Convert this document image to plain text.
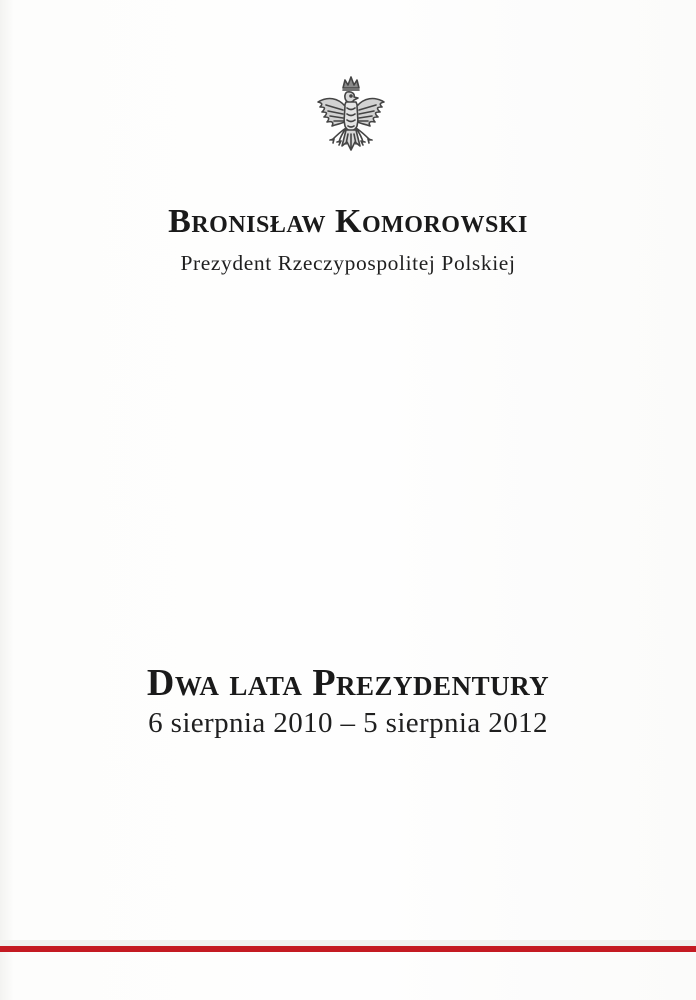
Bronisław Komorowski
Prezydent Rzeczypospolitej Polskiej
Dwa lata Prezydentury
6 sierpnia 2010 – 5 sierpnia 2012
